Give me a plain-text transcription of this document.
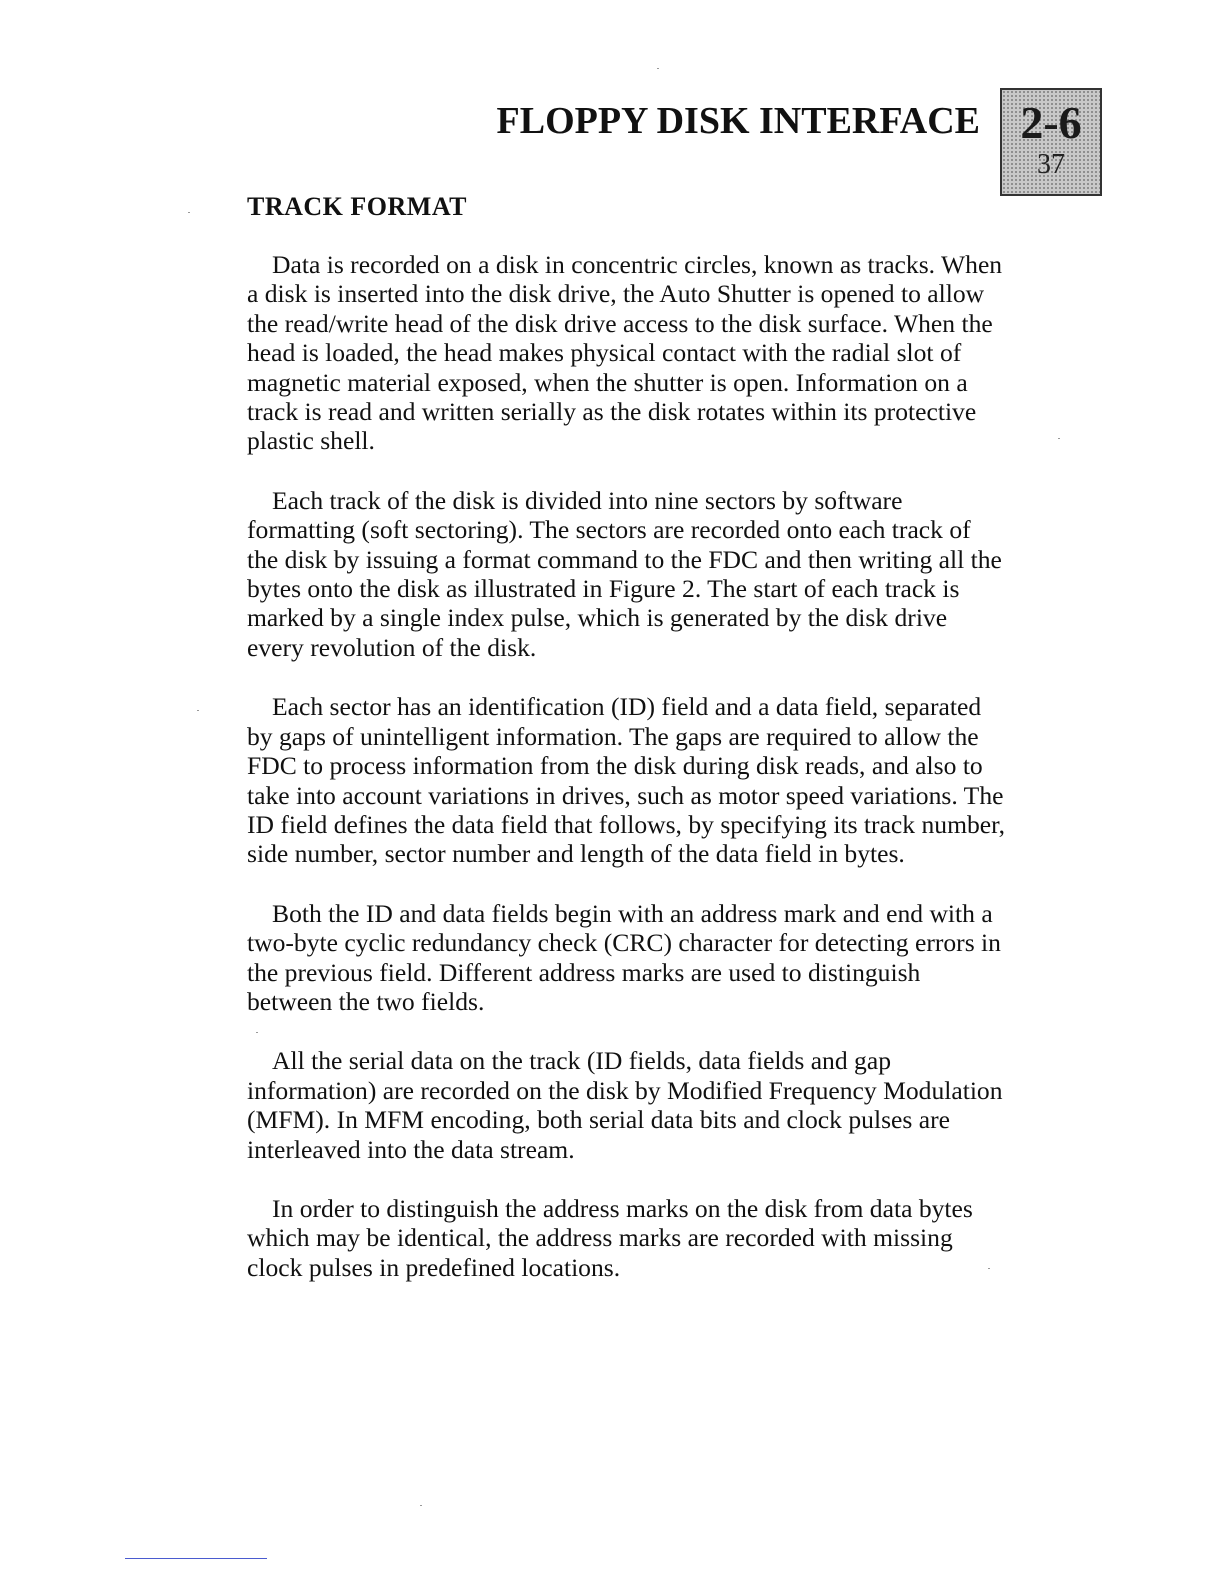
FLOPPY DISK INTERFACE 2-6
37
TRACK FORMAT

Data is recorded on a disk in concentric circles, known as tracks. When a disk is inserted into the disk drive, the Auto Shutter is opened to allow the read/write head of the disk drive access to the disk surface. When the head is loaded, the head makes physical contact with the radial slot of magnetic material exposed, when the shutter is open. Information on a track is read and written serially as the disk rotates within its protective plastic shell.

Each track of the disk is divided into nine sectors by software formatting (soft sectoring). The sectors are recorded onto each track of the disk by issuing a format command to the FDC and then writing all the bytes onto the disk as illustrated in Figure 2. The start of each track is marked by a single index pulse, which is generated by the disk drive every revolution of the disk.

Each sector has an identification (ID) field and a data field, separated by gaps of unintelligent information. The gaps are required to allow the FDC to process information from the disk during disk reads, and also to take into account variations in drives, such as motor speed variations. The ID field defines the data field that follows, by specifying its track number, side number, sector number and length of the data field in bytes.

Both the ID and data fields begin with an address mark and end with a two-byte cyclic redundancy check (CRC) character for detecting errors in the previous field. Different address marks are used to distinguish between the two fields.

All the serial data on the track (ID fields, data fields and gap information) are recorded on the disk by Modified Frequency Modulation (MFM). In MFM encoding, both serial data bits and clock pulses are interleaved into the data stream.

In order to distinguish the address marks on the disk from data bytes which may be identical, the address marks are recorded with missing clock pulses in predefined locations.
